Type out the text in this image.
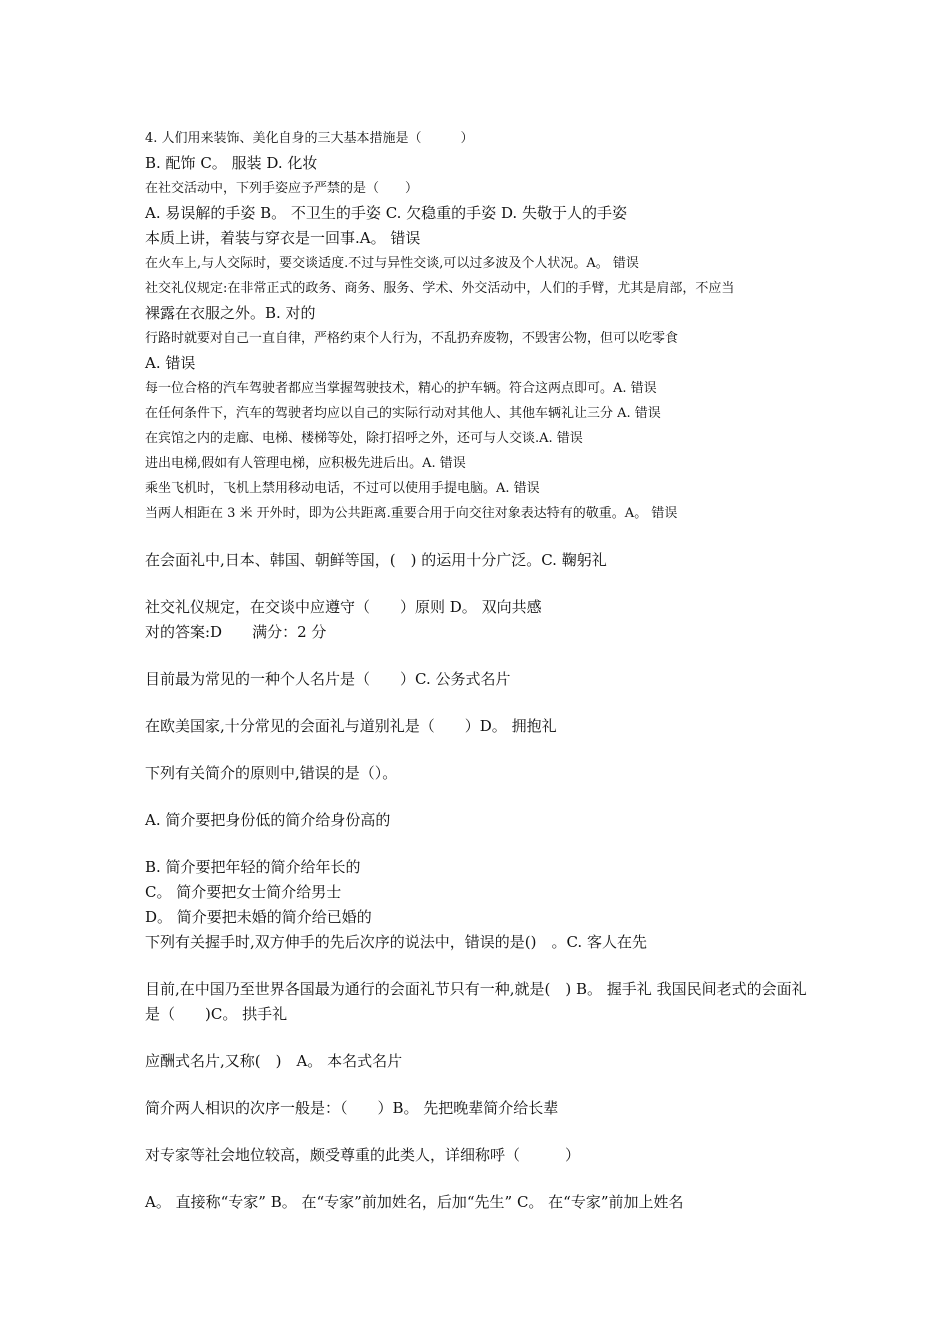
4. 人们用来装饰、美化自身的三大基本措施是（　　　）

B. 配饰 C。 服装 D. 化妆

在社交活动中，下列手姿应予严禁的是（　　）

A. 易误解的手姿 B。 不卫生的手姿 C. 欠稳重的手姿 D. 失敬于人的手姿

本质上讲，着装与穿衣是一回事.A。 错误

在火车上,与人交际时，要交谈适度.不过与异性交谈,可以过多波及个人状况。A。 错误

社交礼仪规定:在非常正式的政务、商务、服务、学术、外交活动中，人们的手臂，尤其是肩部，不应当

裸露在衣服之外。B. 对的

行路时就要对自己一直自律，严格约束个人行为，不乱扔弃废物，不毁害公物，但可以吃零食

A. 错误

每一位合格的汽车驾驶者都应当掌握驾驶技术，精心的护车辆。符合这两点即可。A. 错误

在任何条件下，汽车的驾驶者均应以自己的实际行动对其他人、其他车辆礼让三分 A. 错误

在宾馆之内的走廊、电梯、楼梯等处，除打招呼之外，还可与人交谈.A. 错误

进出电梯,假如有人管理电梯，应积极先进后出。A. 错误

乘坐飞机时，飞机上禁用移动电话，不过可以使用手提电脑。A. 错误

当两人相距在 3 米 开外时，即为公共距离.重要合用于向交往对象表达特有的敬重。A。 错误

在会面礼中,日本、韩国、朝鲜等国，(　) 的运用十分广泛。C. 鞠躬礼

社交礼仪规定，在交谈中应遵守（　　）原则 D。 双向共感

对的答案:D　　满分：2 分

目前最为常见的一种个人名片是（　　）C. 公务式名片

在欧美国家,十分常见的会面礼与道别礼是（　　）D。 拥抱礼

下列有关简介的原则中,错误的是（）。

A. 简介要把身份低的简介给身份高的

B. 简介要把年轻的简介给年长的

C。 简介要把女士简介给男士

D。 简介要把未婚的简介给已婚的

下列有关握手时,双方伸手的先后次序的说法中，错误的是()　。C. 客人在先

目前,在中国乃至世界各国最为通行的会面礼节只有一种,就是(　) B。 握手礼 我国民间老式的会面礼是（　　)C。 拱手礼

应酬式名片,又称(　)　A。 本名式名片

简介两人相识的次序一般是：（　　）B。 先把晚辈简介给长辈

对专家等社会地位较高，颇受尊重的此类人，详细称呼（　　　）

A。 直接称“专家” B。 在“专家”前加姓名，后加“先生” C。 在“专家”前加上姓名
